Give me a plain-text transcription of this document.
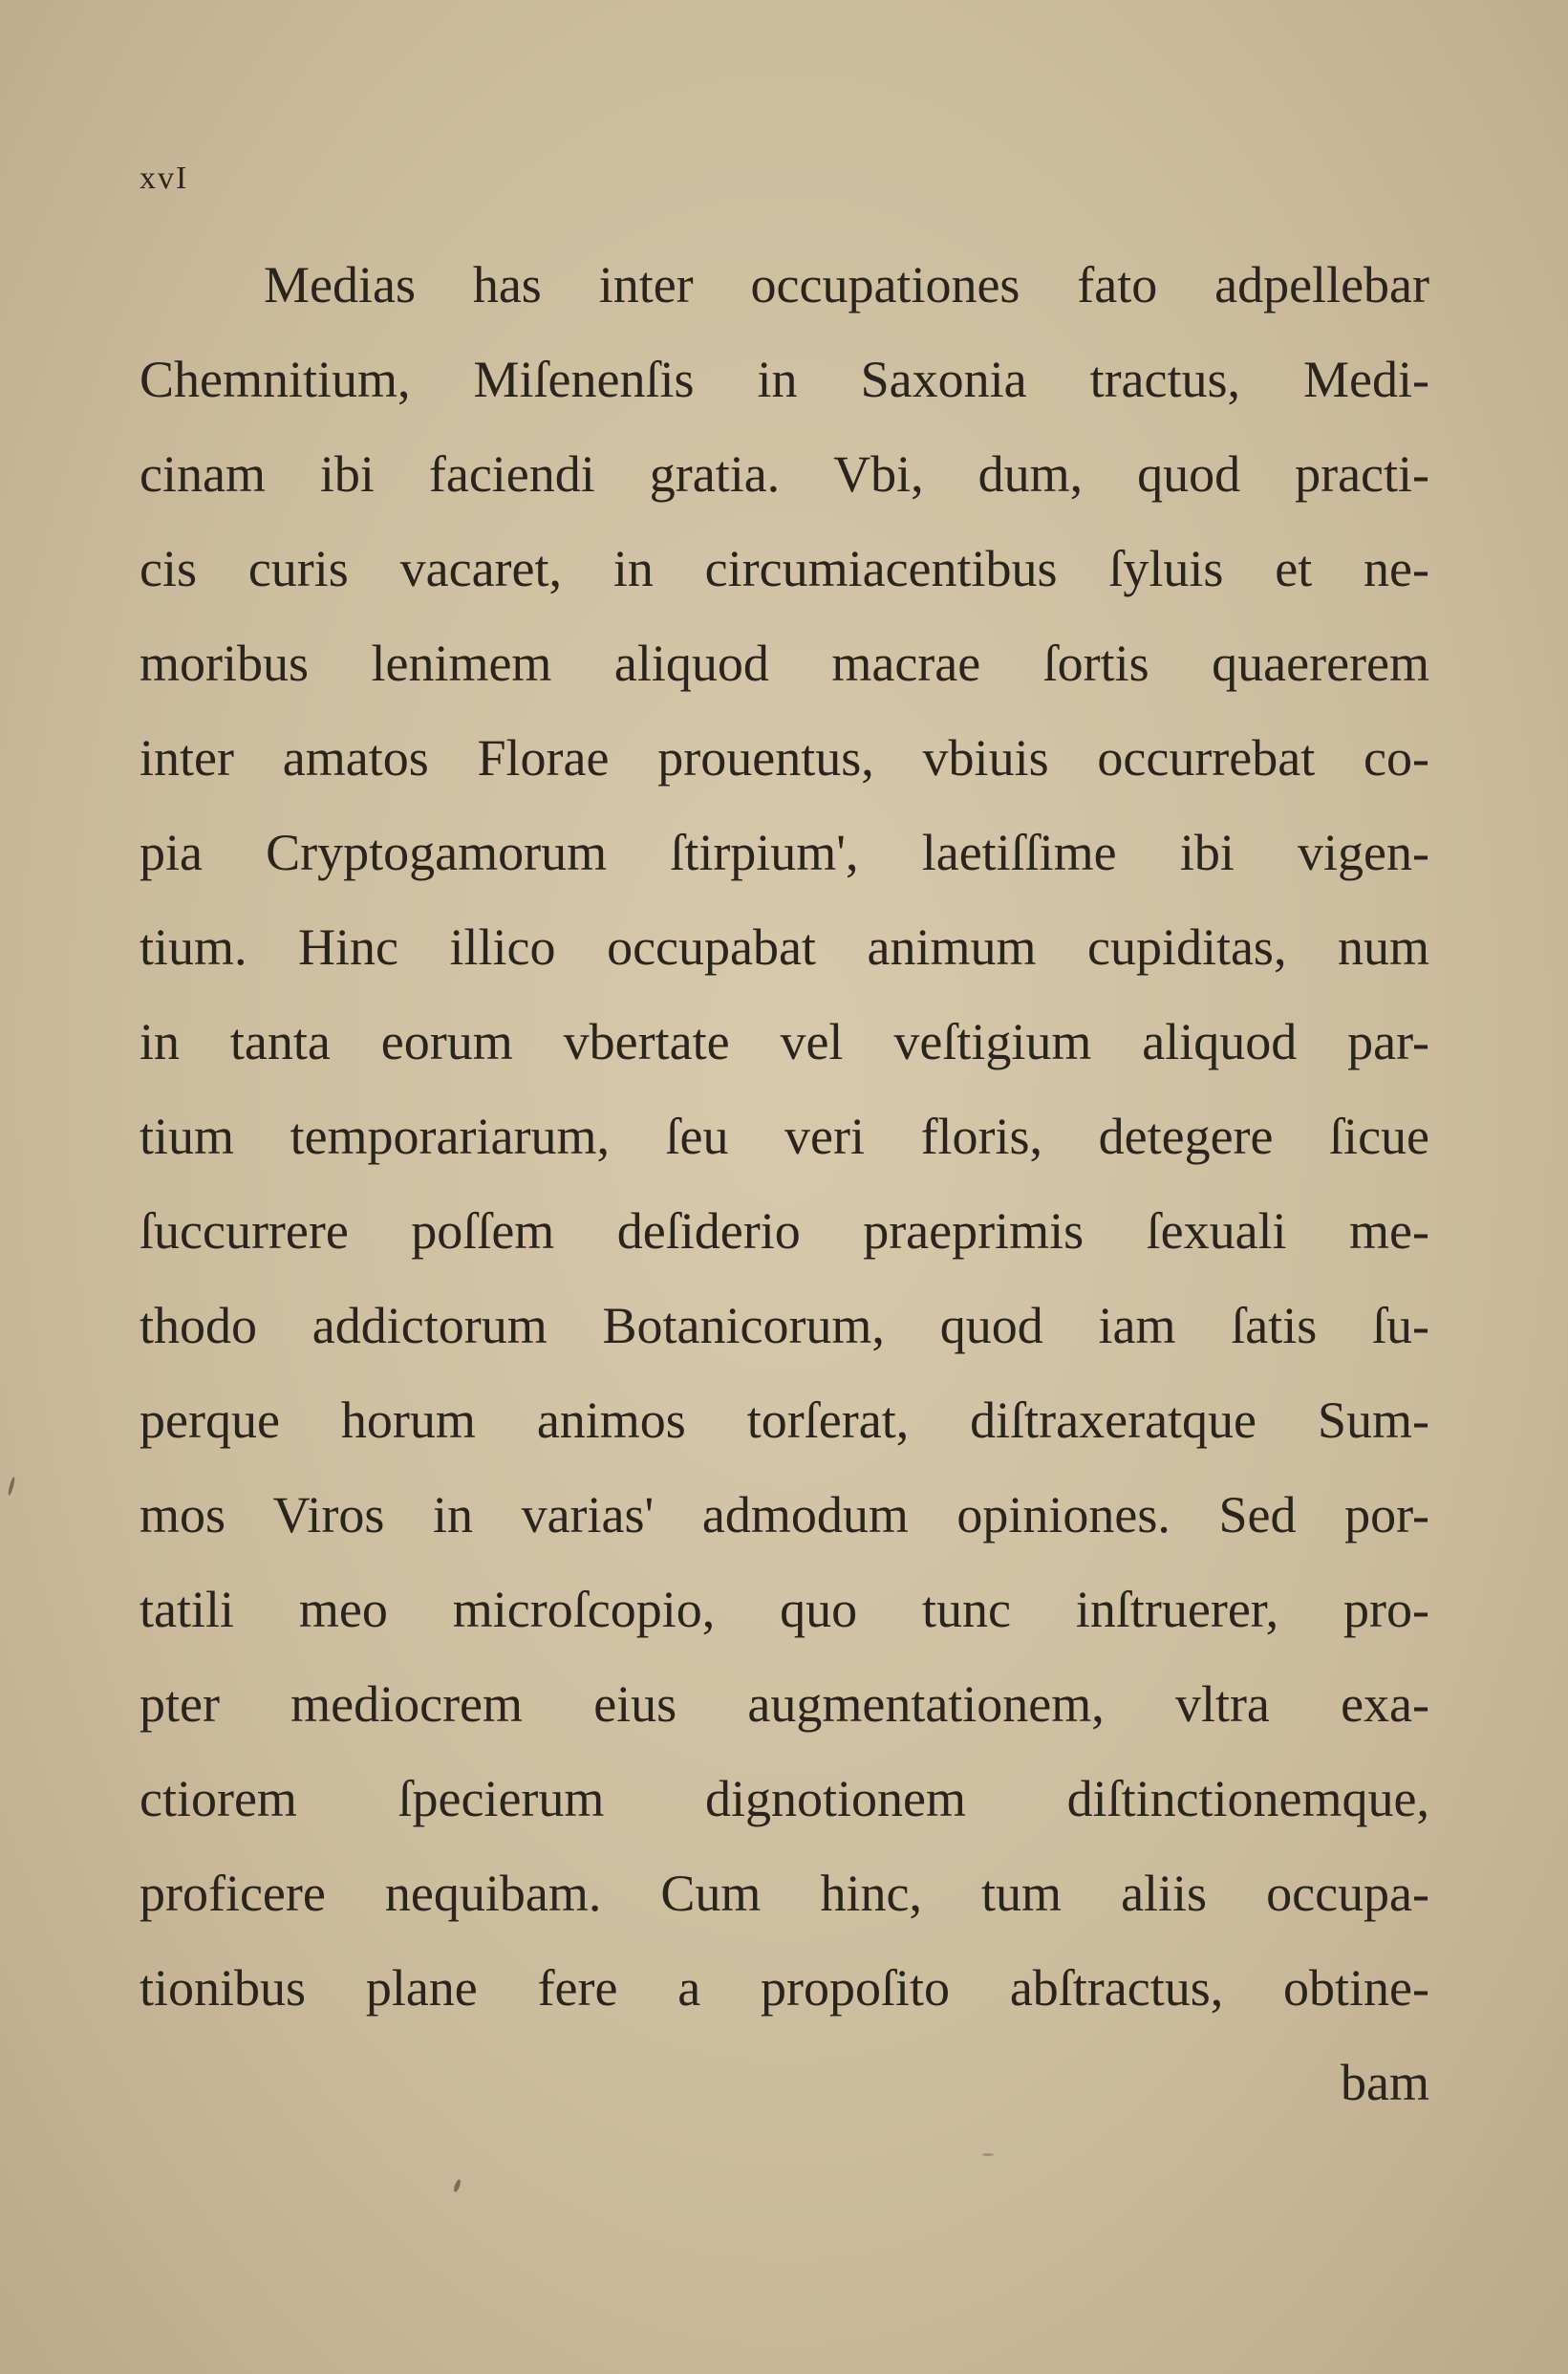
xvI
Medias has inter occupationes fato adpellebar
Chemnitium, Miſenenſis in Saxonia tractus, Medi-
cinam ibi faciendi gratia. Vbi, dum, quod practi-
cis curis vacaret, in circumiacentibus ſyluis et ne-
moribus lenimem aliquod macrae ſortis quaererem
inter amatos Florae prouentus, vbiuis occurrebat co-
pia Cryptogamorum ſtirpium', laetiſſime ibi vigen-
tium. Hinc illico occupabat animum cupiditas, num
in tanta eorum vbertate vel veſtigium aliquod par-
tium temporariarum, ſeu veri floris, detegere ſicue
ſuccurrere poſſem deſiderio praeprimis ſexuali me-
thodo addictorum Botanicorum, quod iam ſatis ſu-
perque horum animos torſerat, diſtraxeratque Sum-
mos Viros in varias' admodum opiniones. Sed por-
tatili meo microſcopio, quo tunc inſtruerer, pro-
pter mediocrem eius augmentationem, vltra exa-
ctiorem ſpecierum dignotionem diſtinctionemque,
proficere nequibam. Cum hinc, tum aliis occupa-
tionibus plane fere a propoſito abſtractus, obtine-
bam
